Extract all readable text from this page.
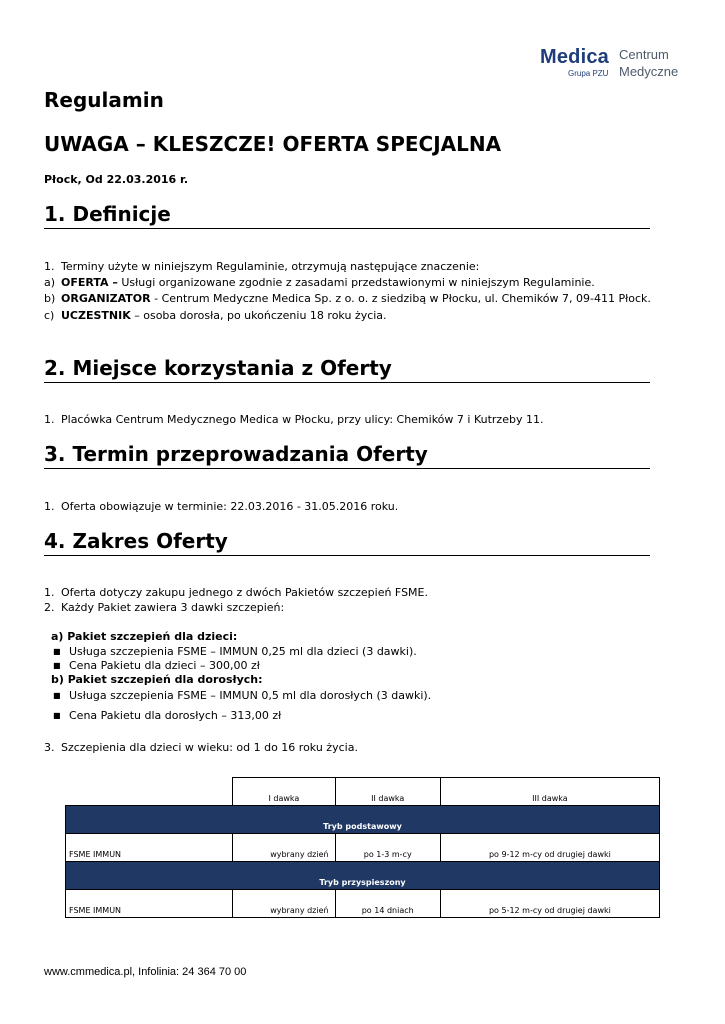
Medica
Grupa PZU
Centrum
Medyczne
Regulamin
UWAGA – KLESZCZE! OFERTA SPECJALNA
Płock, Od 22.03.2016 r.
1. Definicje
1. Terminy użyte w niniejszym Regulaminie, otrzymują następujące znaczenie:
a) OFERTA – Usługi organizowane zgodnie z zasadami przedstawionymi w niniejszym Regulaminie.
b) ORGANIZATOR - Centrum Medyczne Medica Sp. z o. o. z siedzibą w Płocku, ul. Chemików 7, 09-411 Płock.
c) UCZESTNIK – osoba dorosła, po ukończeniu 18 roku życia.
2. Miejsce korzystania z Oferty
1. Placówka Centrum Medycznego Medica w Płocku, przy ulicy: Chemików 7 i Kutrzeby 11.
3. Termin przeprowadzania Oferty
1. Oferta obowiązuje w terminie: 22.03.2016 - 31.05.2016 roku.
4. Zakres Oferty
1. Oferta dotyczy zakupu jednego z dwóch Pakietów szczepień FSME.
2. Każdy Pakiet zawiera 3 dawki szczepień:
a) Pakiet szczepień dla dzieci:
■ Usługa szczepienia FSME – IMMUN 0,25 ml dla dzieci (3 dawki).
■ Cena Pakietu dla dzieci – 300,00 zł
b) Pakiet szczepień dla dorosłych:
■ Usługa szczepienia FSME – IMMUN 0,5 ml dla dorosłych (3 dawki).
■ Cena Pakietu dla dorosłych – 313,00 zł
3. Szczepienia dla dzieci w wieku: od 1 do 16 roku życia.
	I dawka	II dawka	III dawka
Tryb podstawowy			
FSME IMMUN	wybrany dzień	po 1-3 m-cy	po 9-12 m-cy od drugiej dawki
Tryb przyspieszony			
FSME IMMUN	wybrany dzień	po 14 dniach	po 5-12 m-cy od drugiej dawki
www.cmmedica.pl, Infolinia: 24 364 70 00
